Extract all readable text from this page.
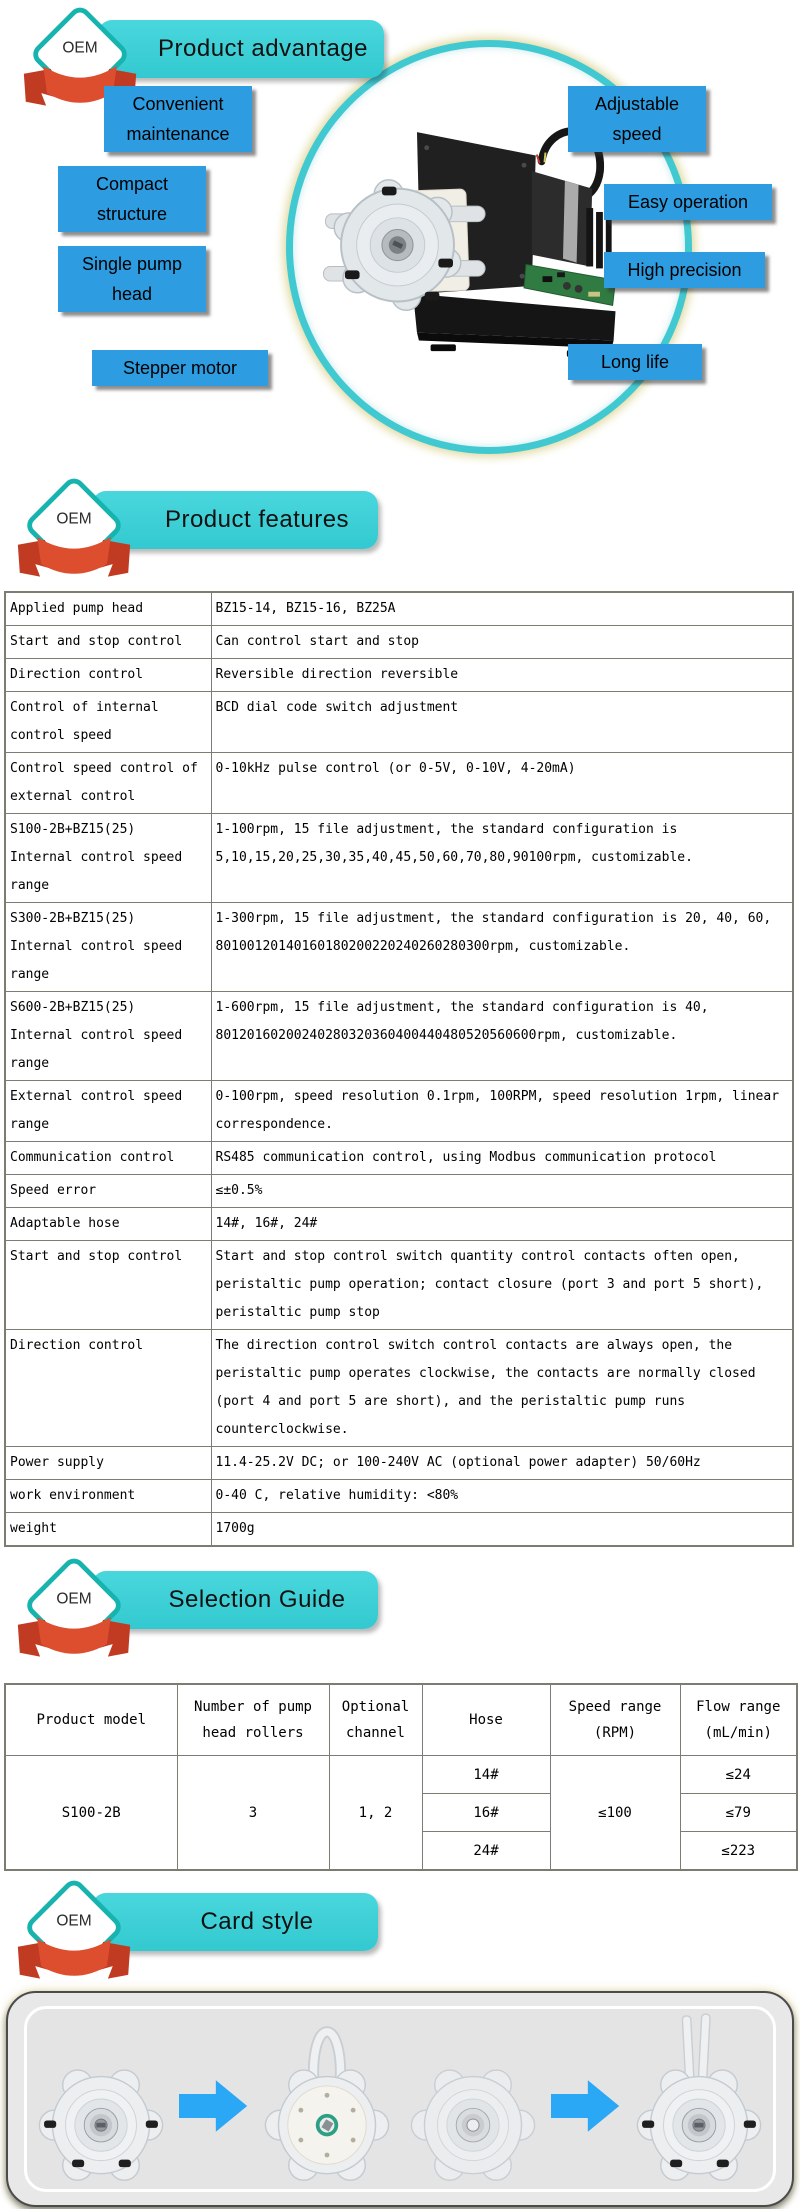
Product advantage
OEM
Convenient maintenance
Compact structure
Single pump head
Stepper motor
Adjustable speed
Easy operation
High precision
Long life
Product features
OEM
Applied pump head	BZ15-14, BZ15-16, BZ25A
Start and stop control	Can control start and stop
Direction control	Reversible direction reversible
Control of internal control speed	BCD dial code switch adjustment
Control speed control of external control	0-10kHz pulse control (or 0-5V, 0-10V, 4-20mA)
S100-2B+BZ15(25) Internal control speed range	1-100rpm, 15 file adjustment, the standard configuration is 5,10,15,20,25,30,35,40,45,50,60,70,80,90100rpm, customizable.
S300-2B+BZ15(25) Internal control speed range	1-300rpm, 15 file adjustment, the standard configuration is 20, 40, 60, 80100120140160180200220240260280300rpm, customizable.
S600-2B+BZ15(25) Internal control speed range	1-600rpm, 15 file adjustment, the standard configuration is 40, 80120160200240280320360400440480520560600rpm, customizable.
External control speed range	0-100rpm, speed resolution 0.1rpm, 100RPM, speed resolution 1rpm, linear correspondence.
Communication control	RS485 communication control, using Modbus communication protocol
Speed error	≤±0.5%
Adaptable hose	14#, 16#, 24#
Start and stop control	Start and stop control switch quantity control contacts often open, peristaltic pump operation; contact closure (port 3 and port 5 short), peristaltic pump stop
Direction control	The direction control switch control contacts are always open, the peristaltic pump operates clockwise, the contacts are normally closed (port 4 and port 5 are short), and the peristaltic pump runs counterclockwise.
Power supply	11.4-25.2V DC; or 100-240V AC (optional power adapter) 50/60Hz
work environment	0-40 C, relative humidity: <80%
weight	1700g
Selection Guide
OEM
Product model	Number of pump head rollers	Optional channel	Hose	Speed range (RPM)	Flow range (mL/min)
S100-2B	3	1, 2	14#	≤100	≤24
			16#		≤79
			24#		≤223
Card style
OEM
